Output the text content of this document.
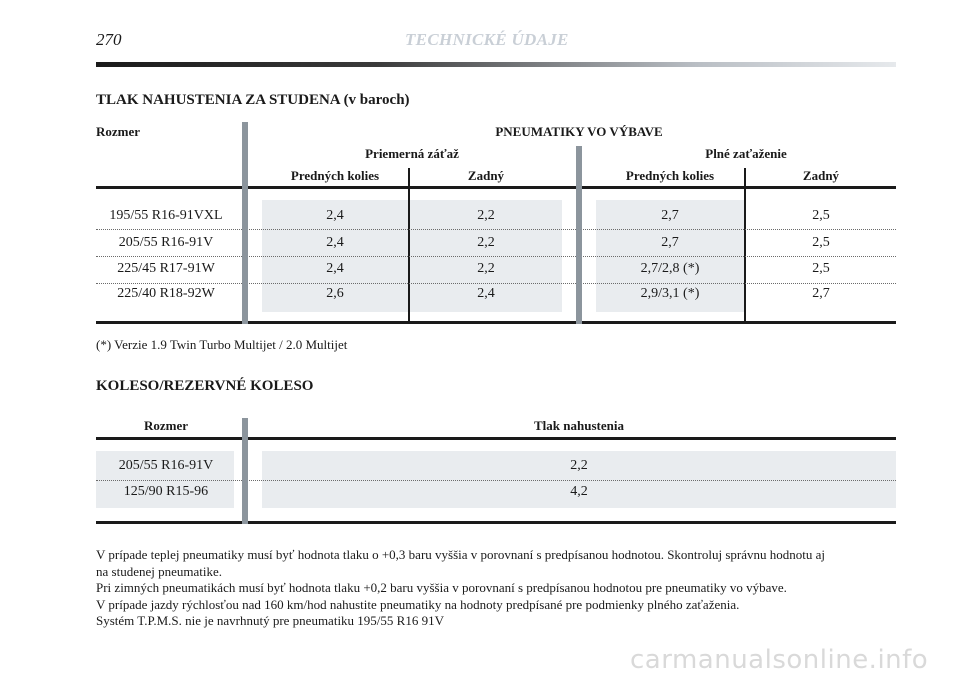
270	TECHNICKÉ ÚDAJE
TLAK NAHUSTENIA ZA STUDENA (v baroch)
Rozmer	PNEUMATIKY VO VÝBAVE
Priemerná záťaž	Plné zaťaženie
Predných kolies	Zadný	Predných kolies	Zadný
195/55 R16-91VXL	2,4	2,2	2,7	2,5
205/55 R16-91V	2,4	2,2	2,7	2,5
225/45 R17-91W	2,4	2,2	2,7/2,8 (*)	2,5
225/40 R18-92W	2,6	2,4	2,9/3,1 (*)	2,7
(*) Verzie 1.9 Twin Turbo Multijet / 2.0 Multijet
KOLESO/REZERVNÉ KOLESO
Rozmer	Tlak nahustenia
205/55 R16-91V	2,2
125/90 R15-96	4,2
V prípade teplej pneumatiky musí byť hodnota tlaku o +0,3 baru vyššia v porovnaní s predpísanou hodnotou. Skontroluj správnu hodnotu aj
na studenej pneumatike.
Pri zimných pneumatikách musí byť hodnota tlaku +0,2 baru vyššia v porovnaní s predpísanou hodnotou pre pneumatiky vo výbave.
V prípade jazdy rýchlosťou nad 160 km/hod nahustite pneumatiky na hodnoty predpísané pre podmienky plného zaťaženia.
Systém T.P.M.S. nie je navrhnutý pre pneumatiku 195/55 R16 91V
carmanualsonline.info
